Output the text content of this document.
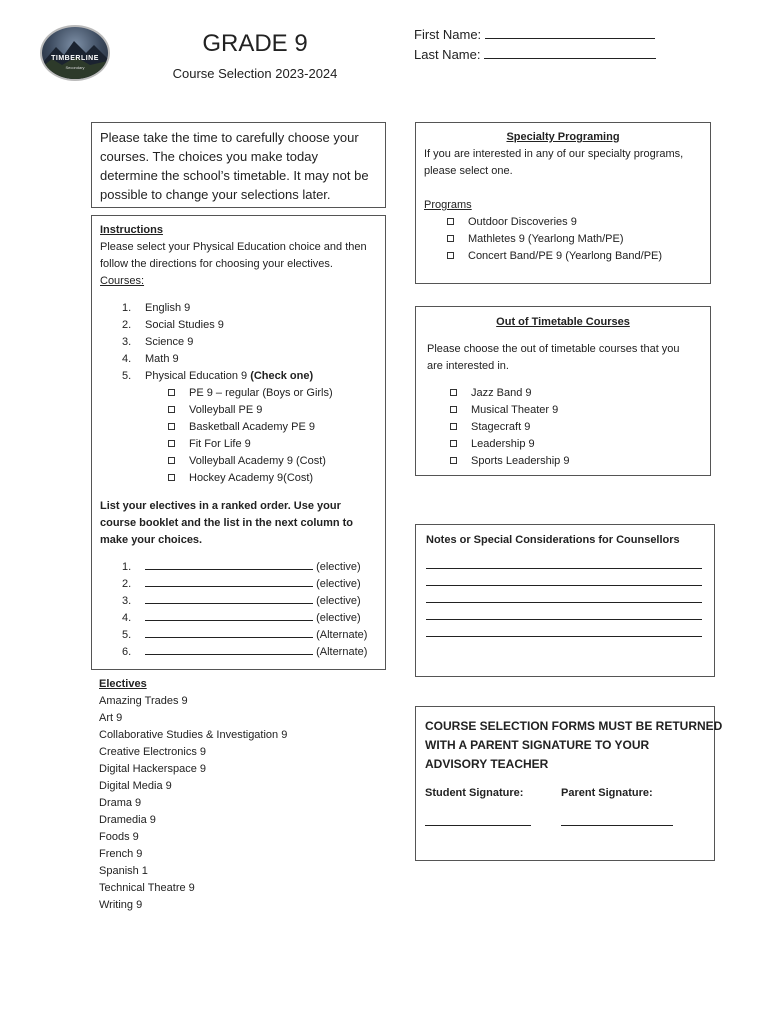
TIMBERLINE
Secondary
GRADE 9
Course Selection 2023-2024
First Name:
Last Name:
Please take the time to carefully choose your courses. The choices you make today determine the school’s timetable. It may not be possible to change your selections later.
Instructions
Please select your Physical Education choice and then follow the directions for choosing your electives.
Courses:
1. English 9
2. Social Studies 9
3. Science 9
4. Math 9
5. Physical Education 9 (Check one)
PE 9 – regular (Boys or Girls)
Volleyball PE 9
Basketball Academy PE 9
Fit For Life 9
Volleyball Academy 9 (Cost)
Hockey Academy 9(Cost)
List your electives in a ranked order. Use your
course booklet and the list in the next column to
make your choices.
1.	(elective)
2.	(elective)
3.	(elective)
4.	(elective)
5.	(Alternate)
6.	(Alternate)
Electives
Amazing Trades 9
Art 9
Collaborative Studies & Investigation 9
Creative Electronics 9
Digital Hackerspace 9
Digital Media 9
Drama 9
Dramedia 9
Foods 9
French 9
Spanish 1
Technical Theatre 9
Writing 9
Specialty Programing
If you are interested in any of our specialty programs,
please select one.
Programs
Outdoor Discoveries 9
Mathletes 9 (Yearlong Math/PE)
Concert Band/PE 9 (Yearlong Band/PE)
Out of Timetable Courses
Please choose the out of timetable courses that you
are interested in.
Jazz Band 9
Musical Theater 9
Stagecraft 9
Leadership 9
Sports Leadership 9
Notes or Special Considerations for Counsellors
COURSE SELECTION FORMS MUST BE RETURNED
WITH A PARENT SIGNATURE TO YOUR
ADVISORY TEACHER
Student Signature:	Parent Signature:
